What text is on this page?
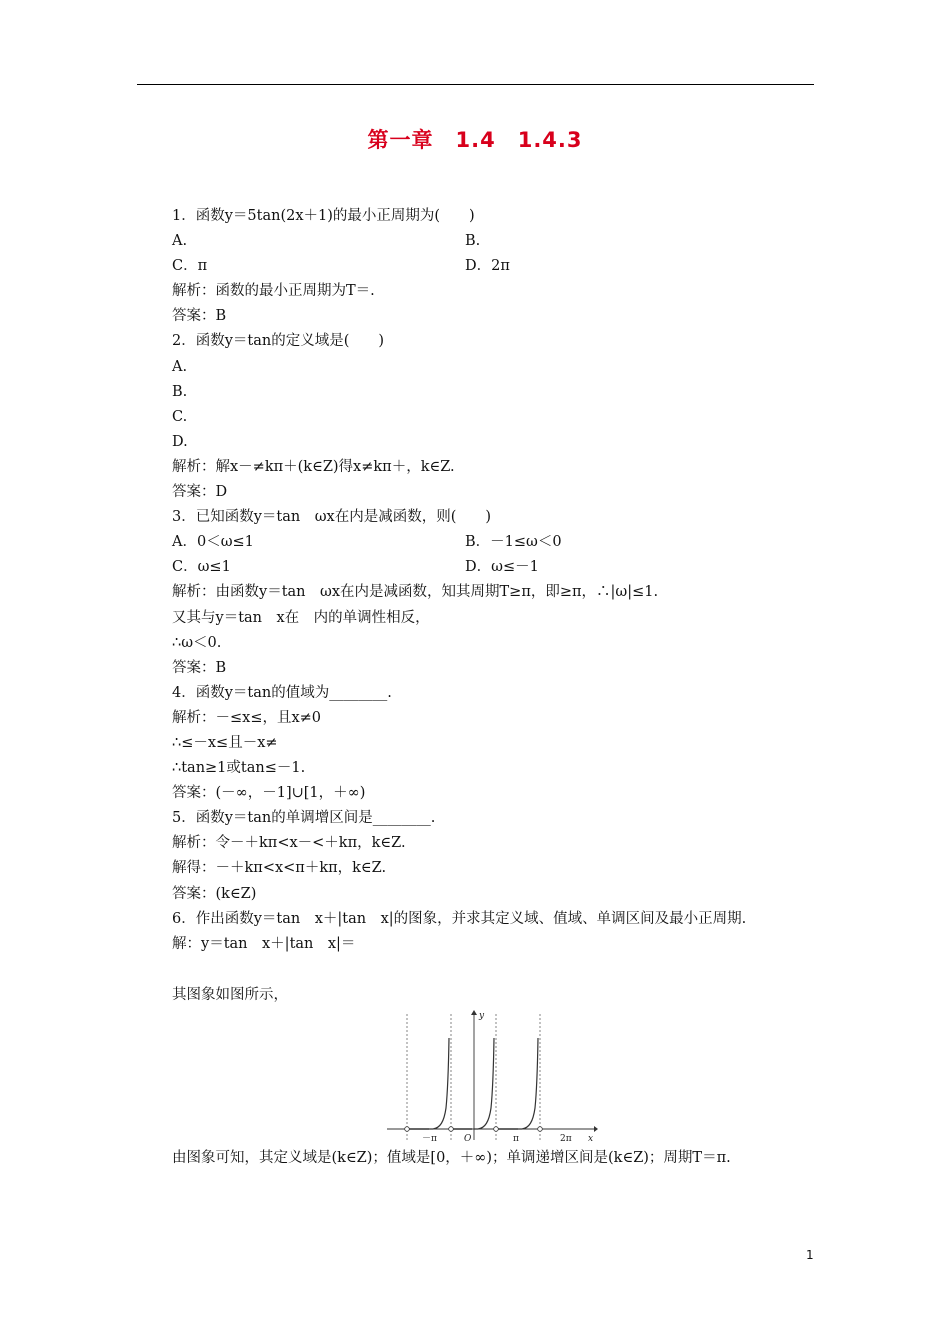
第一章　1.4　1.4.3
1．函数y＝5tan(2x＋1)的最小正周期为(　　)
A.	B.
C．π	D．2π
解析：函数的最小正周期为T＝.
答案：B
2．函数y＝tan的定义域是(　　)
A.
B.
C.
D.
解析：解x－≠kπ＋(k∈Z)得x≠kπ＋，k∈Z.
答案：D
3．已知函数y＝tan　ωx在内是减函数，则(　　)
A．0＜ω≤1	B．－1≤ω＜0
C．ω≤1	D．ω≤－1
解析：由函数y＝tan　ωx在内是减函数，知其周期T≥π，即≥π，∴|ω|≤1.
又其与y＝tan　x在　内的单调性相反，
∴ω＜0.
答案：B
4．函数y＝tan的值域为________.
解析：－≤x≤，且x≠0
∴≤－x≤且－x≠
∴tan≥1或tan≤－1.
答案：(－∞，－1]∪[1，＋∞)
5．函数y＝tan的单调增区间是________.
解析：令－＋kπ<x－<＋kπ，k∈Z.
解得：－＋kπ<x<π＋kπ，k∈Z.
答案：(k∈Z)
6．作出函数y＝tan　x＋|tan　x|的图象，并求其定义域、值域、单调区间及最小正周期.
解：y＝tan　x＋|tan　x|＝
其图象如图所示，
y
x
O
－π	π	2π
由图象可知，其定义域是(k∈Z)；值域是[0，＋∞)；单调递增区间是(k∈Z)；周期T＝π.
1
